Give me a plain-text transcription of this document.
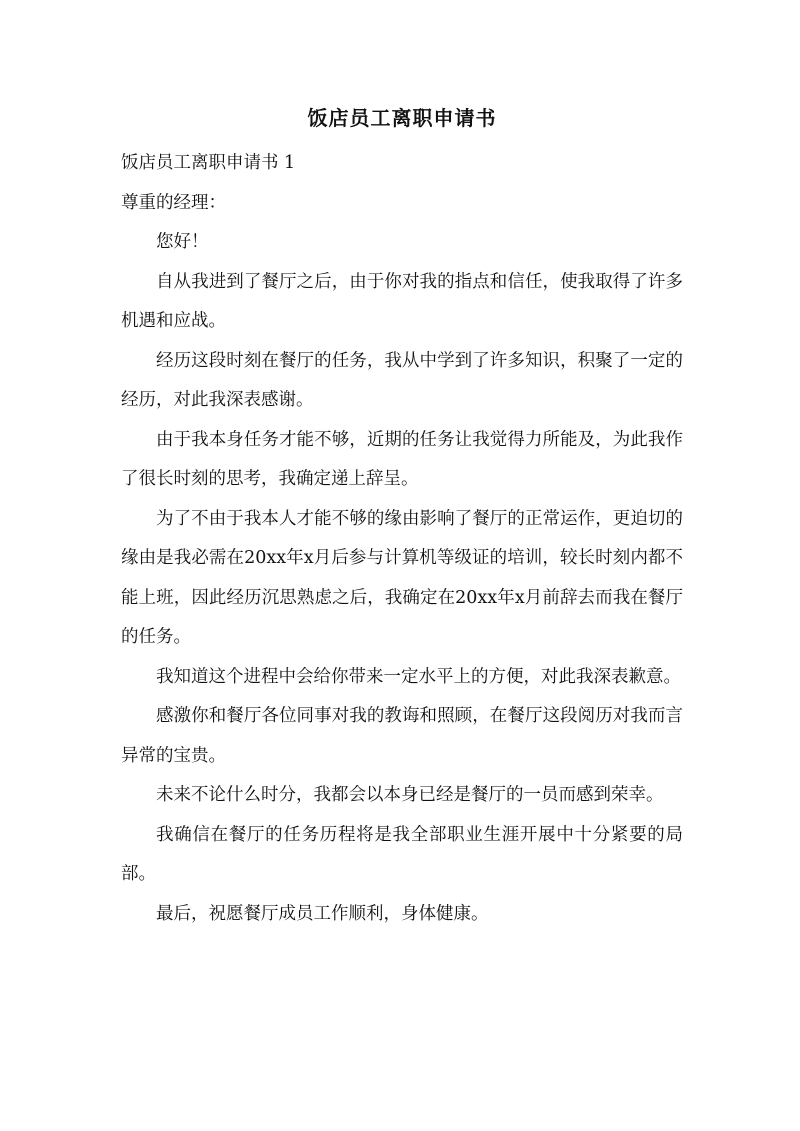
饭店员工离职申请书

饭店员工离职申请书 1

尊重的经理：

您好！

自从我进到了餐厅之后，由于你对我的指点和信任，使我取得了许多机遇和应战。

经历这段时刻在餐厅的任务，我从中学到了许多知识，积聚了一定的经历，对此我深表感谢。

由于我本身任务才能不够，近期的任务让我觉得力所能及，为此我作了很长时刻的思考，我确定递上辞呈。

为了不由于我本人才能不够的缘由影响了餐厅的正常运作，更迫切的缘由是我必需在20xx年x月后参与计算机等级证的培训，较长时刻内都不能上班，因此经历沉思熟虑之后，我确定在20xx年x月前辞去而我在餐厅的任务。

我知道这个进程中会给你带来一定水平上的方便，对此我深表歉意。

感激你和餐厅各位同事对我的教诲和照顾，在餐厅这段阅历对我而言异常的宝贵。

未来不论什么时分，我都会以本身已经是餐厅的一员而感到荣幸。

我确信在餐厅的任务历程将是我全部职业生涯开展中十分紧要的局部。

最后，祝愿餐厅成员工作顺利，身体健康。
